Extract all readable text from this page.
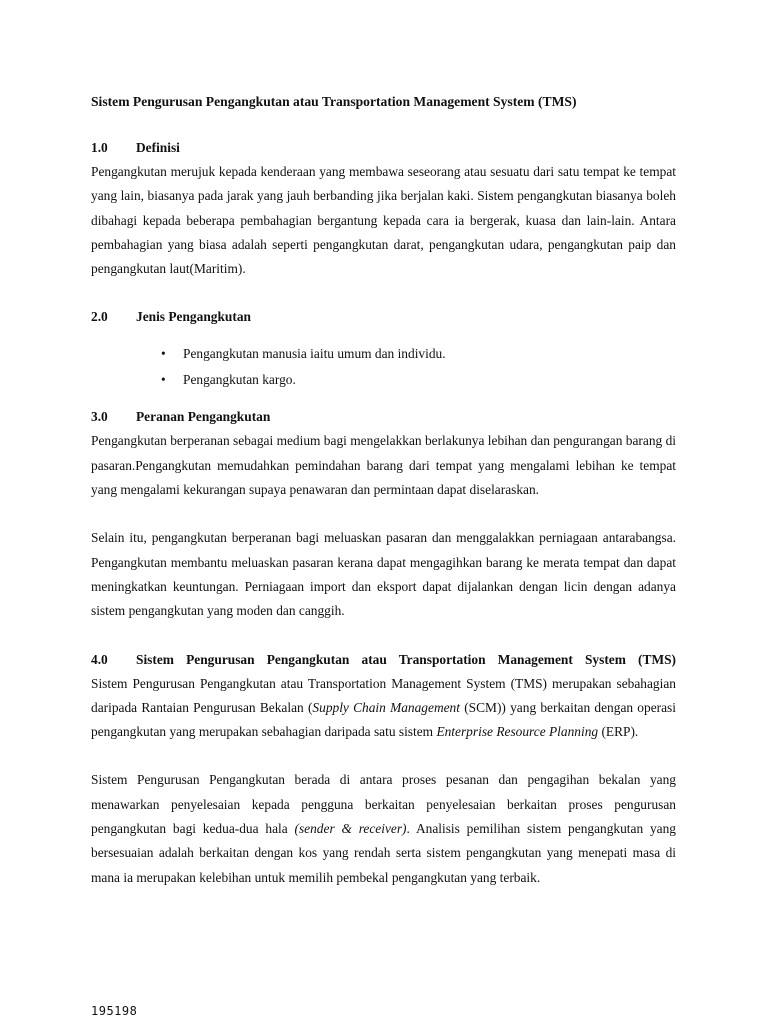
Sistem Pengurusan Pengangkutan atau Transportation Management System (TMS)
1.0	Definisi

Pengangkutan merujuk kepada kenderaan yang membawa seseorang atau sesuatu dari satu tempat ke tempat yang lain, biasanya pada jarak yang jauh berbanding jika berjalan kaki. Sistem pengangkutan biasanya boleh dibahagi kepada beberapa pembahagian bergantung kepada cara ia bergerak, kuasa dan lain-lain. Antara pembahagian yang biasa adalah seperti pengangkutan darat, pengangkutan udara, pengangkutan paip dan pengangkutan laut(Maritim).

2.0	Jenis Pengangkutan
• Pengangkutan manusia iaitu umum dan individu.
• Pengangkutan kargo.
3.0	Peranan Pengangkutan

Pengangkutan berperanan sebagai medium bagi mengelakkan berlakunya lebihan dan pengurangan barang di pasaran.Pengangkutan memudahkan pemindahan barang dari tempat yang mengalami lebihan ke tempat yang mengalami kekurangan supaya penawaran dan permintaan dapat diselaraskan.

Selain itu, pengangkutan berperanan bagi meluaskan pasaran dan menggalakkan perniagaan antarabangsa. Pengangkutan membantu meluaskan pasaran kerana dapat mengagihkan barang ke merata tempat dan dapat meningkatkan keuntungan. Perniagaan import dan eksport dapat dijalankan dengan licin dengan adanya sistem pengangkutan yang moden dan canggih.

4.0	Sistem Pengurusan Pengangkutan atau Transportation Management System (TMS)

Sistem Pengurusan Pengangkutan atau Transportation Management System (TMS) merupakan sebahagian daripada Rantaian Pengurusan Bekalan (Supply Chain Management (SCM)) yang berkaitan dengan operasi pengangkutan yang merupakan sebahagian daripada satu sistem Enterprise Resource Planning (ERP).

Sistem Pengurusan Pengangkutan berada di antara proses pesanan dan pengagihan bekalan yang menawarkan penyelesaian kepada pengguna berkaitan penyelesaian berkaitan proses pengurusan pengangkutan bagi kedua-dua hala (sender & receiver). Analisis pemilihan sistem pengangkutan yang bersesuaian adalah berkaitan dengan kos yang rendah serta sistem pengangkutan yang menepati masa di mana ia merupakan kelebihan untuk memilih pembekal pengangkutan yang terbaik.

195198
